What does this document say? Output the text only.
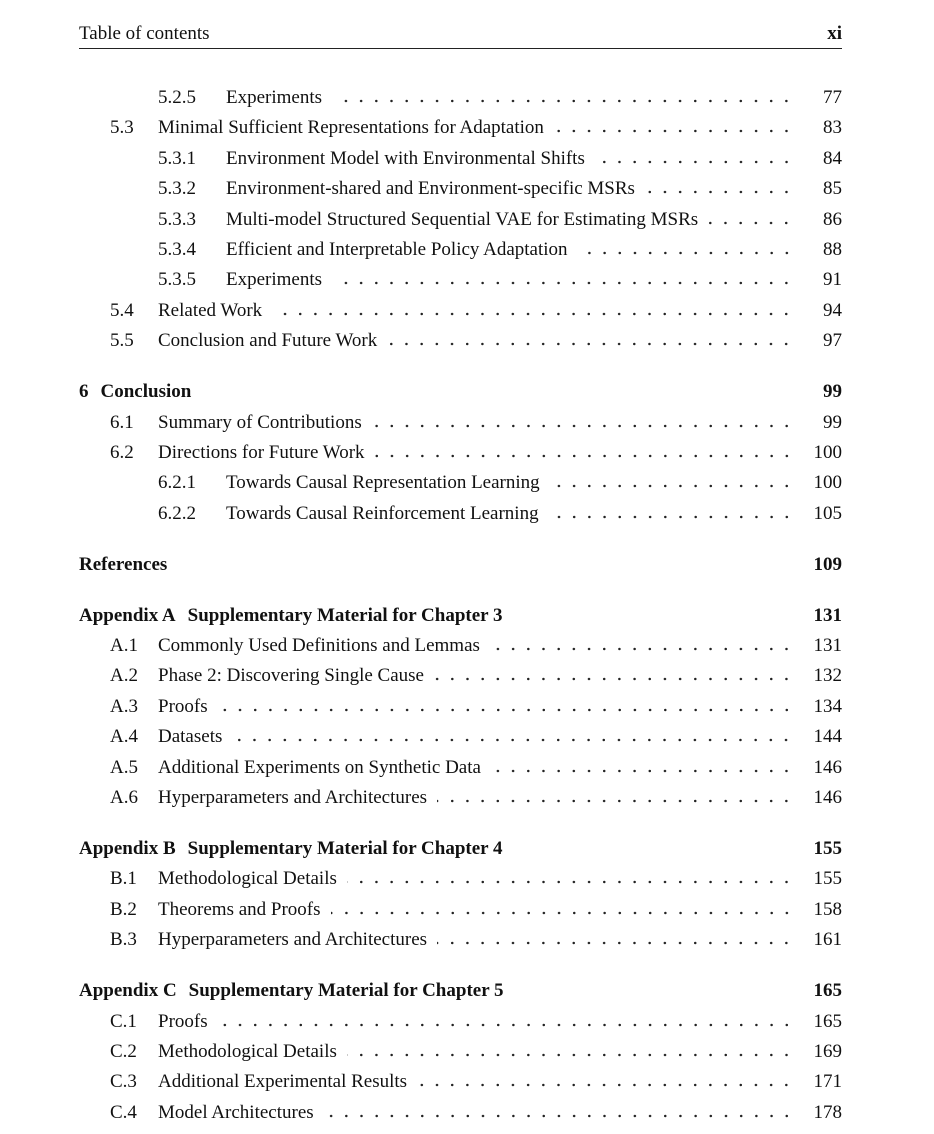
Table of contents	xi
5.2.5	Experiments	77
5.3	Minimal Sufficient Representations for Adaptation	83
5.3.1	Environment Model with Environmental Shifts	84
5.3.2	Environment-shared and Environment-specific MSRs	85
5.3.3	Multi-model Structured Sequential VAE for Estimating MSRs	86
5.3.4	Efficient and Interpretable Policy Adaptation	88
5.3.5	Experiments	91
5.4	Related Work	94
5.5	Conclusion and Future Work	97
6 Conclusion	99
6.1	Summary of Contributions	99
6.2	Directions for Future Work	100
6.2.1	Towards Causal Representation Learning	100
6.2.2	Towards Causal Reinforcement Learning	105
References	109
Appendix A Supplementary Material for Chapter 3	131
A.1	Commonly Used Definitions and Lemmas	131
A.2	Phase 2: Discovering Single Cause	132
A.3	Proofs	134
A.4	Datasets	144
A.5	Additional Experiments on Synthetic Data	146
A.6	Hyperparameters and Architectures	146
Appendix B Supplementary Material for Chapter 4	155
B.1	Methodological Details	155
B.2	Theorems and Proofs	158
B.3	Hyperparameters and Architectures	161
Appendix C Supplementary Material for Chapter 5	165
C.1	Proofs	165
C.2	Methodological Details	169
C.3	Additional Experimental Results	171
C.4	Model Architectures	178
